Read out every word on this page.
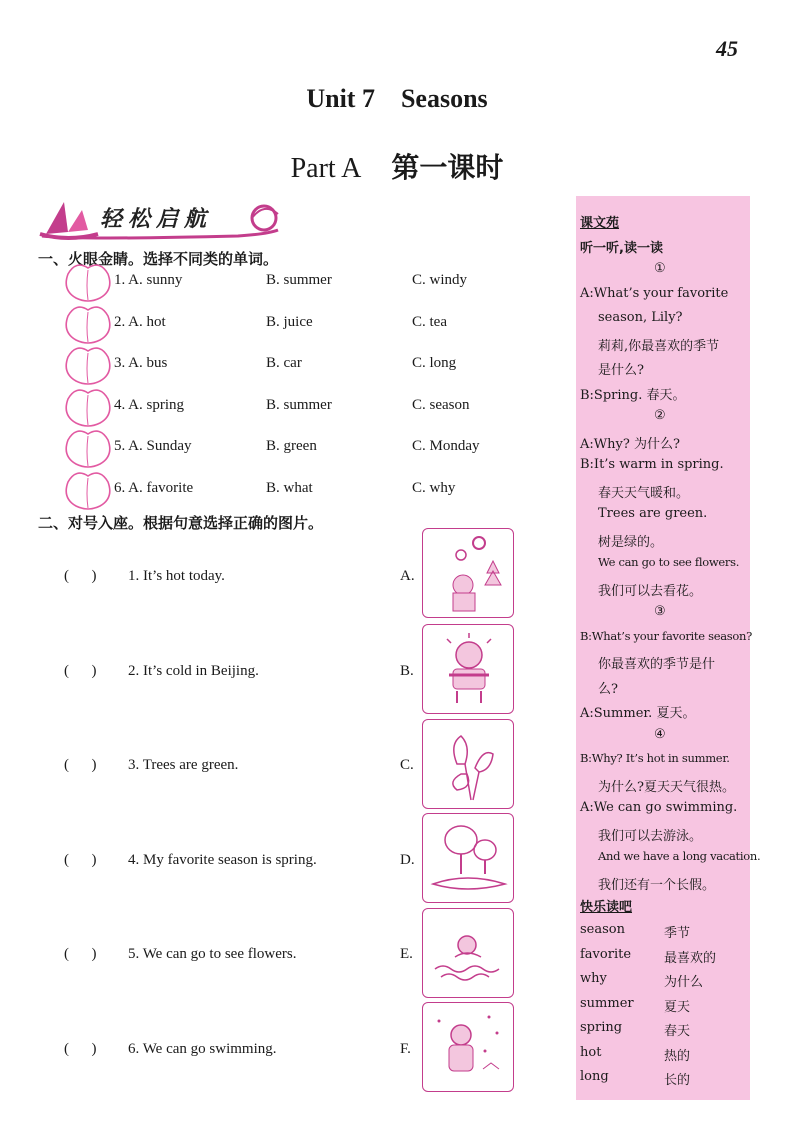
45
Unit 7    Seasons
Part A 第一课时
轻松启航
一、火眼金睛。选择不同类的单词。
1. A. sunny	B. summer	C. windy
2. A. hot	B. juice	C. tea
3. A. bus	B. car	C. long
4. A. spring	B. summer	C. season
5. A. Sunday	B. green	C. Monday
6. A. favorite	B. what	C. why
二、对号入座。根据句意选择正确的图片。
(      ) 1. It’s hot today.	A.
(      ) 2. It’s cold in Beijing.	B.
(      ) 3. Trees are green.	C.
(      ) 4. My favorite season is spring.	D.
(      ) 5. We can go to see flowers.	E.
(      ) 6. We can go swimming.	F.
课文苑
听一听,读一读
①
A:What’s your favorite
season, Lily?
莉莉,你最喜欢的季节
是什么?
B:Spring. 春天。
②
A:Why? 为什么?
B:It’s warm in spring.
春天天气暖和。
Trees are green.
树是绿的。
We can go to see flowers.
我们可以去看花。
③
B:What’s your favorite season?
你最喜欢的季节是什
么?
A:Summer. 夏天。
④
B:Why? It’s hot in summer.
为什么?夏天天气很热。
A:We can go swimming.
我们可以去游泳。
And we have a long vacation.
我们还有一个长假。
快乐读吧
season	季节
favorite	最喜欢的
why	为什么
summer 夏天
spring	春天
hot	热的
long	长的
